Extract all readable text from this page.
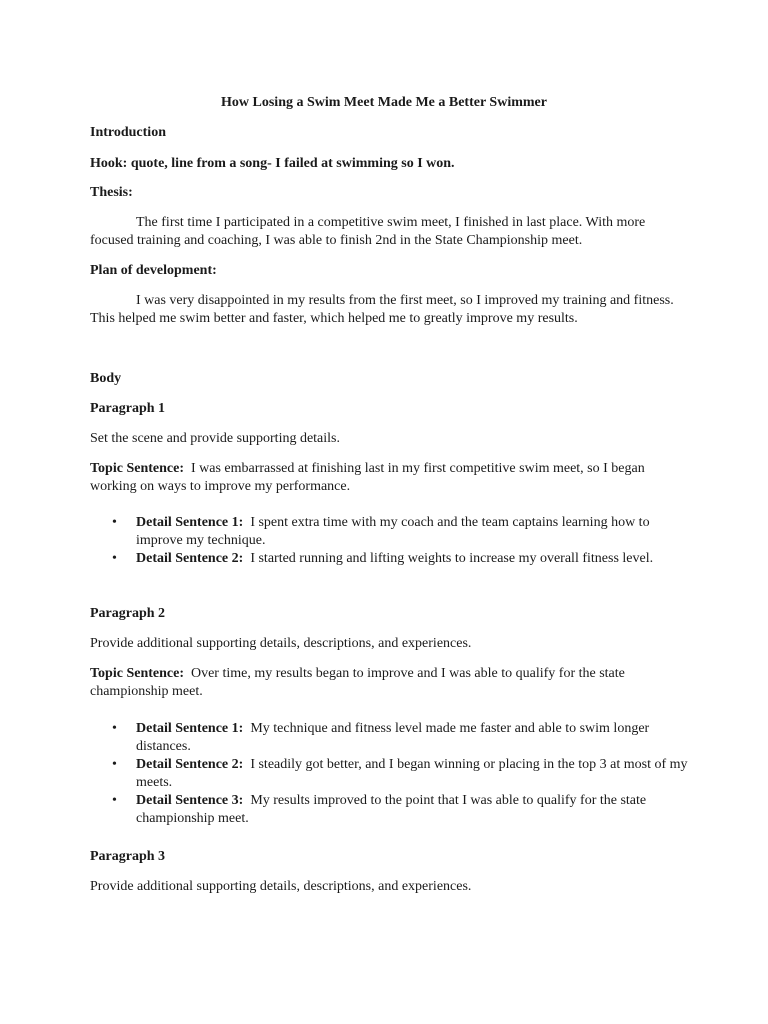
How Losing a Swim Meet Made Me a Better Swimmer

Introduction

Hook: quote, line from a song- I failed at swimming so I won.

Thesis:

The first time I participated in a competitive swim meet, I finished in last place. With more focused training and coaching, I was able to finish 2nd in the State Championship meet.

Plan of development:

I was very disappointed in my results from the first meet, so I improved my training and fitness. This helped me swim better and faster, which helped me to greatly improve my results.

Body

Paragraph 1

Set the scene and provide supporting details.

Topic Sentence: I was embarrassed at finishing last in my first competitive swim meet, so I began working on ways to improve my performance.

• Detail Sentence 1: I spent extra time with my coach and the team captains learning how to improve my technique.
• Detail Sentence 2: I started running and lifting weights to increase my overall fitness level.

Paragraph 2

Provide additional supporting details, descriptions, and experiences.

Topic Sentence: Over time, my results began to improve and I was able to qualify for the state championship meet.

• Detail Sentence 1: My technique and fitness level made me faster and able to swim longer distances.
• Detail Sentence 2: I steadily got better, and I began winning or placing in the top 3 at most of my meets.
• Detail Sentence 3: My results improved to the point that I was able to qualify for the state championship meet.

Paragraph 3

Provide additional supporting details, descriptions, and experiences.
